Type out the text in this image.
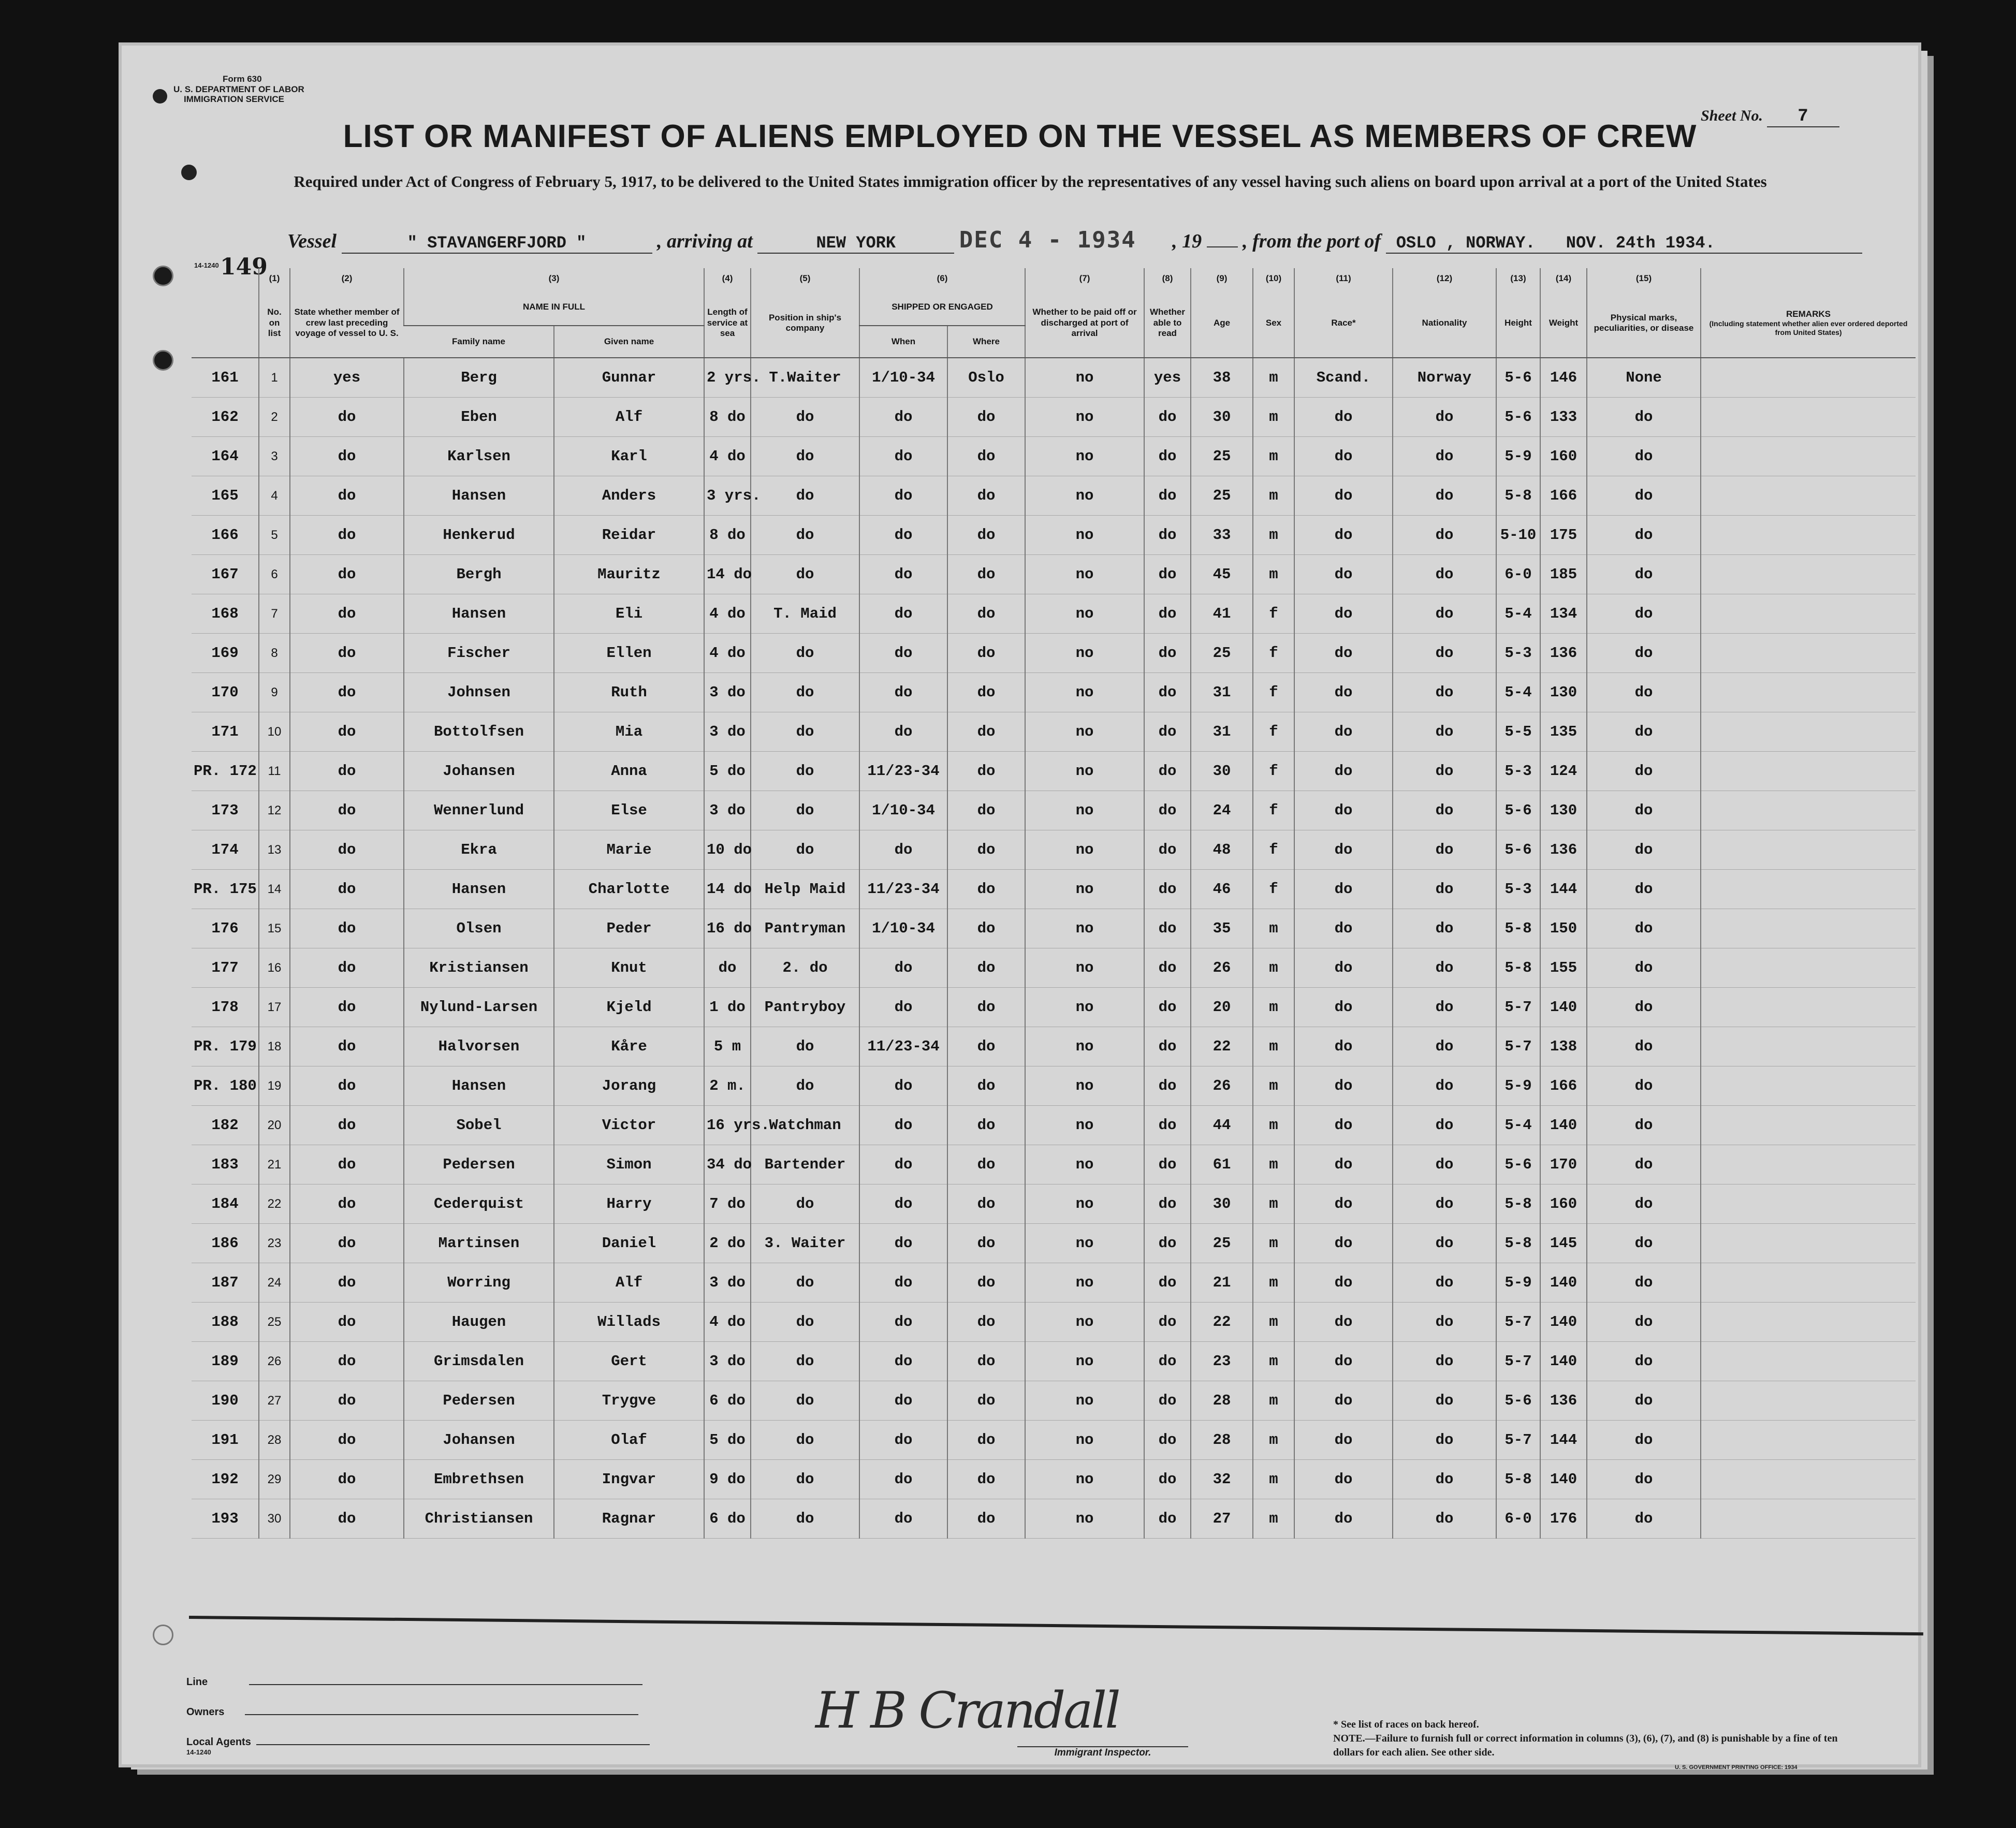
Form 630
U. S. DEPARTMENT OF LABOR
IMMIGRATION SERVICE
Sheet No. 7
LIST OR MANIFEST OF ALIENS EMPLOYED ON THE VESSEL AS MEMBERS OF CREW
Required under Act of Congress of February 5, 1917, to be delivered to the United States immigration officer by the representatives of any vessel having such aliens on board upon arrival at a port of the United States
Vessel	" STAVANGERFJORD "	, arriving at	NEW YORK	DEC 4 - 1934 , 19 , from the port of OSLO , NORWAY. NOV. 24th 1934. 149
14-1240
	(1)	(2)	(3)		(4)	(5)	(6)		(7)	(8)	(9)	(10)	(11)	(12)	(13)	(14)	(15)	
	No. on list	State whether member of crew last preceding voyage of vessel to U. S.	NAME IN FULL		Length of service at sea	Position in ship's company	SHIPPED OR ENGAGED		Whether to be paid off or discharged at port of arrival	Whether able to read	Age	Sex	Race*	Nationality	Height	Weight	Physical marks, peculiarities, or disease	REMARKS
(Including statement whether alien ever ordered deported from United States)

			Family name	Given name			When	Where										
161	1	yes	Berg	Gunnar	2 yrs.	T.Waiter	1/10-34	Oslo	no	yes	38	m	Scand.	Norway	5-6	146	None	
162	2	do	Eben	Alf	8 do	do	do	do	no	do	30	m	do	do	5-6	133	do	
164	3	do	Karlsen	Karl	4 do	do	do	do	no	do	25	m	do	do	5-9	160	do	
165	4	do	Hansen	Anders	3 yrs.	do	do	do	no	do	25	m	do	do	5-8	166	do	
166	5	do	Henkerud	Reidar	8 do	do	do	do	no	do	33	m	do	do	5-10	175	do	
167	6	do	Bergh	Mauritz	14 do	do	do	do	no	do	45	m	do	do	6-0	185	do	
168	7	do	Hansen	Eli	4 do	T. Maid	do	do	no	do	41	f	do	do	5-4	134	do	
169	8	do	Fischer	Ellen	4 do	do	do	do	no	do	25	f	do	do	5-3	136	do	
170	9	do	Johnsen	Ruth	3 do	do	do	do	no	do	31	f	do	do	5-4	130	do	
171	10	do	Bottolfsen	Mia	3 do	do	do	do	no	do	31	f	do	do	5-5	135	do	
PR. 172	11	do	Johansen	Anna	5 do	do	11/23-34	do	no	do	30	f	do	do	5-3	124	do	
173	12	do	Wennerlund	Else	3 do	do	1/10-34	do	no	do	24	f	do	do	5-6	130	do	
174	13	do	Ekra	Marie	10 do	do	do	do	no	do	48	f	do	do	5-6	136	do	
PR. 175	14	do	Hansen	Charlotte	14 do	Help Maid	11/23-34	do	no	do	46	f	do	do	5-3	144	do	
176	15	do	Olsen	Peder	16 do	Pantryman	1/10-34	do	no	do	35	m	do	do	5-8	150	do	
177	16	do	Kristiansen	Knut	do	2. do	do	do	no	do	26	m	do	do	5-8	155	do	
178	17	do	Nylund-Larsen	Kjeld	1 do	Pantryboy	do	do	no	do	20	m	do	do	5-7	140	do	
PR. 179	18	do	Halvorsen	Kåre	5 m	do	11/23-34	do	no	do	22	m	do	do	5-7	138	do	
PR. 180	19	do	Hansen	Jorang	2 m.	do	do	do	no	do	26	m	do	do	5-9	166	do	
182	20	do	Sobel	Victor	16 yrs.	Watchman	do	do	no	do	44	m	do	do	5-4	140	do	
183	21	do	Pedersen	Simon	34 do	Bartender	do	do	no	do	61	m	do	do	5-6	170	do	
184	22	do	Cederquist	Harry	7 do	do	do	do	no	do	30	m	do	do	5-8	160	do	
186	23	do	Martinsen	Daniel	2 do	3. Waiter	do	do	no	do	25	m	do	do	5-8	145	do	
187	24	do	Worring	Alf	3 do	do	do	do	no	do	21	m	do	do	5-9	140	do	
188	25	do	Haugen	Willads	4 do	do	do	do	no	do	22	m	do	do	5-7	140	do	
189	26	do	Grimsdalen	Gert	3 do	do	do	do	no	do	23	m	do	do	5-7	140	do	
190	27	do	Pedersen	Trygve	6 do	do	do	do	no	do	28	m	do	do	5-6	136	do	
191	28	do	Johansen	Olaf	5 do	do	do	do	no	do	28	m	do	do	5-7	144	do	
192	29	do	Embrethsen	Ingvar	9 do	do	do	do	no	do	32	m	do	do	5-8	140	do	
193	30	do	Christiansen	Ragnar	6 do	do	do	do	no	do	27	m	do	do	6-0	176	do	
Line
Owners
Local Agents
14-1240
H B Crandall
Immigrant Inspector.
* See list of races on back hereof.
NOTE.—Failure to furnish full or correct information in columns (3), (6), (7), and (8) is punishable by a fine of ten dollars for each alien. See other side.
U. S. GOVERNMENT PRINTING OFFICE: 1934
